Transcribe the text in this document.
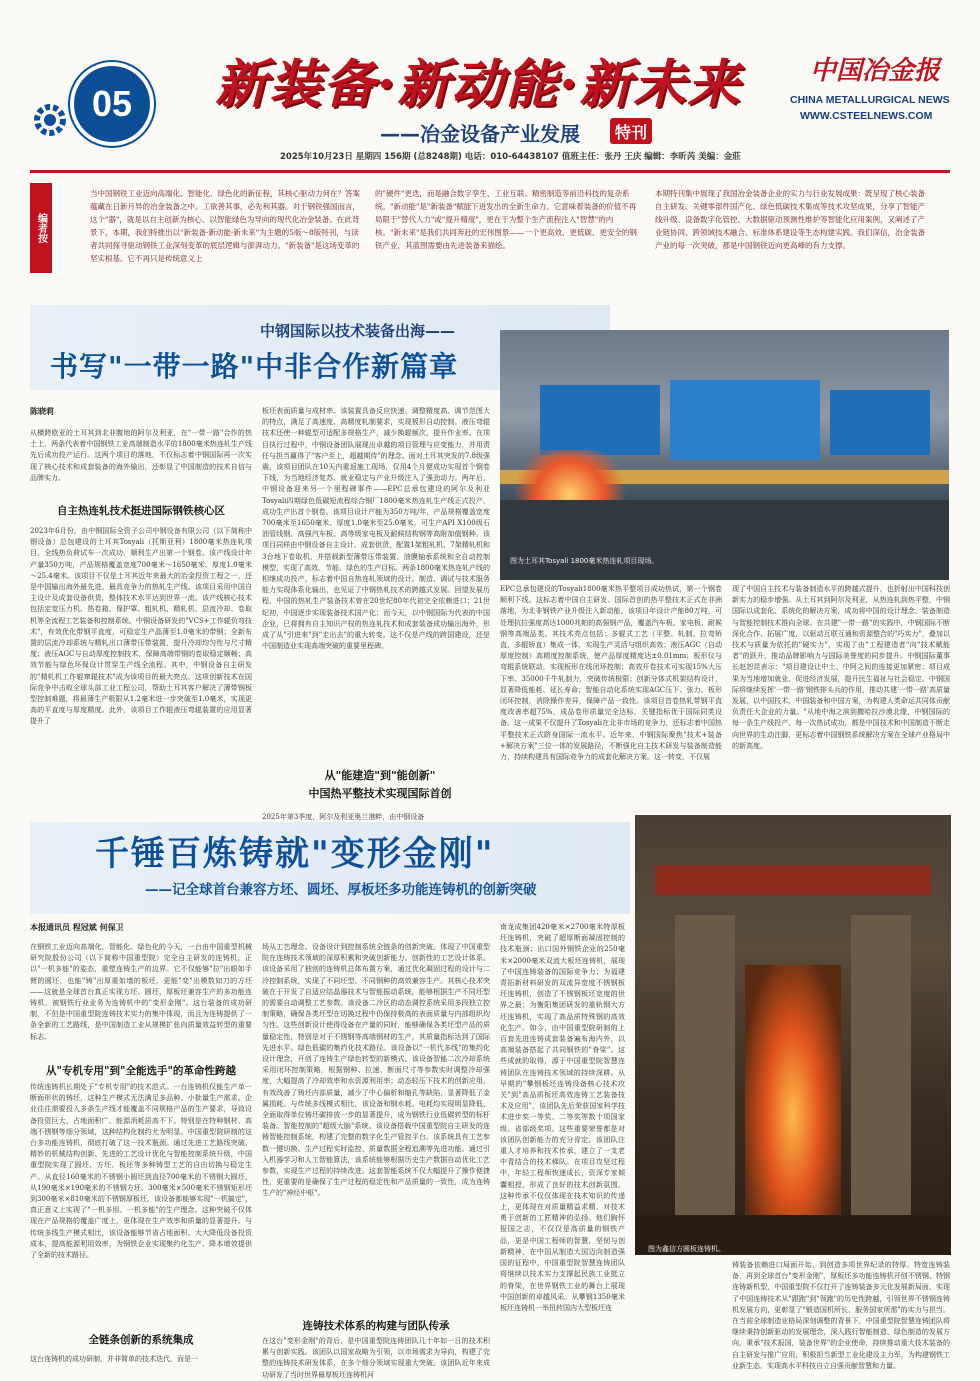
05	新装备·新动能·新未来
——冶金设备产业发展	特刊
中国冶金报
CHINA METALLURGICAL NEWS
WWW.CSTEELNEWS.COM
2025年10月23日 星期四 156期 (总8248期) 电话：010-64438107 值班主任：张丹 王庆 编辑：李昕芮 美编：金莊
编者按
当中国钢铁工业迈向高端化、智能化、绿色化的新征程，其核心驱动力何在？答案蕴藏在日新月异的冶金装备之中。工欲善其事，必先利其器。对于钢铁强国而言，这个"器"，就是以自主创新为核心、以智能绿色为导向的现代化冶金装备。在此背景下，本期，我们特推出以"新装备·新动能·新未来"为主题的5版～8版特刊，与读者共同探寻驱动钢铁工业深刻变革的底层逻辑与澎湃动力。"新装备"是这场变革的坚实根基。它不再只是传统意义上
的"硬件"更迭，而是融合数字孪生、工业互联、精密制造等前沿科技的复杂系统。"新动能"是"新装备"赋能下迸发出的全新生命力。它意味着装备的价值不再局限于"替代人力"或"提升精度"，更在于为整个生产流程注入"智慧"的内核。"新未来"是我们共同奔赴的宏伟图景——一个更高效、更低碳、更安全的钢铁产业，其蓝图需要由先进装备来描绘。
本期特刊集中展现了我国冶金装备企业的实力与行业发展成果：既呈现了核心装备自主研发、关键零部件国产化、绿色低碳技术集成等技术攻坚成果，分享了智能产线升级、设备数字化管控、大数据驱动预测性维护等智能化应用案例，又阐述了产业链协同、跨领域技术融合、标准体系建设等生态构建实践。我们深信，冶金装备产业的每一次突破，都是中国钢铁迈向更高峰的有力支撑。
中钢国际以技术装备出海——
书写"一带一路"中非合作新篇章
陈晓莉
从横跨欧亚的土耳其到北非腹地的阿尔及利亚，在"一带一路"合作的热土上，两条代表着中国钢铁工业高端制造水平的1800毫米热连轧生产线先后成功投产运行。这两个项目的落地，不仅标志着中钢国际再一次实现了核心技术和成套装备的海外输出，还彰显了中国制造的技术自信与品牌实力。
自主热连轧技术挺进国际钢铁核心区
2023年6月份，由中钢国际全资子公司中钢设备有限公司（以下简称中钢设备）总包建设的土耳其Tosyali（托斯亚利）1800毫米热连轧项目，全线热负荷试车一次成功，顺利生产出第一个钢卷。该产线设计年产量350万吨，产品规格覆盖宽度700毫米～1650毫米、厚度1.0毫米～25.4毫米。该项目不仅是土耳其近年来最大的冶金投资工程之一，还是中国输出海外最先进、最具竞争力的热轧生产线。该项目采用中国自主设计及成套设备供货，整体技术水平达到世界一流。该产线核心技术包括定宽压力机、热卷箱、保护罩、粗轧机、精轧机、层流冷却、卷取机等全流程工艺装备和控制系统。中钢设备研发的"VCS+工作辊负弯技术"，有效优化带钢平直度，可稳定生产晶薄至1.0毫米的带钢；全新布置的层流冷却系统与精轧出口薄带压带装置，提升冷却均匀性与尺寸精度；液压AGC与自动厚度控制技术，保障高端带钢的卷取稳定顺畅；高效节能与绿色环保设计贯穿生产线全流程。其中，中钢设备自主研发的"精轧机工作辊窜辊技术"成为该项目的最大亮点。这项创新技术在国际竞争中击败全球头部工业工程公司，帮助土耳其客户解决了薄带钢板型控制难题，将最薄生产极限从1.2毫米进一步突破至1.0毫米，实现更高的平直度与厚度精度。此外，该项目工作辊液压弯辊装置的应用显著提升了
板坯表面质量与成材率。该装置具备反应快速、调整精度高、调节范围大的特点，满足了高速度、高精度轧制要求，实现板形自动控制。液压弯辊技术还使一种辊型可适配多规格生产，减少换辊频次，提升作业率。在项目执行过程中，中钢设备团队展现出卓越的项目管理与应变能力，并用责任与担当赢得了"客户至上，超越期待"的理念。面对土耳其突发的7.8级强震，该项目团队在10天内重返施工现场，仅用4个月便成功实现首个钢卷下线，为当地经济复苏、就业稳定与产业升级注入了强劲动力。两年后，中钢设备迎来另一个里程碑事件——EPC总承包建设的阿尔及利亚Tosyali四期绿色低碳短流程综合钢厂1800毫米热连轧生产线正式投产，成功生产出首个钢卷。该项目设计产能为350万吨/年，产品规格覆盖宽度700毫米至1650毫米、厚度1.0毫米至25.0毫米，可生产API X100级石油管线钢、高强汽车板、高等级家电板及耐候结构钢等高附加值钢种。该项目同样由中钢设备自主设计、成套供货，配置1架粗轧机、7架精轧机和3台地下卷取机，并搭载新型薄带压带装置、油膜轴承系统和全自动控制模型，实现了高效、节能、绿色的生产目标。两条1800毫米热连轧产线的相继成功投产，标志着中国自热连轧领域的设计、制造、调试与技术服务能力实现体系化输出，也见证了中钢热轧技术的跨越式发展。回望发展历程，中国的热轧生产装备技术曾在20世纪80年代初完全依赖进口；21世纪初，中国逐步实现装备技术国产化；而今天，以中钢国际为代表的中国企业，已将拥有自主知识产权的热连轧技术和成套装备成功输出海外，形成了从"引进来"到"走出去"的重大转变。这不仅是产线的跨国建设，还是中国制造业实现高端突破的重要里程碑。
从"能建造"到"能创新"
中国热平整技术实现国际首创
2025年第3季度，阿尔及利亚奥兰港畔，由中钢设备
图为土耳其Tosyali 1800毫米热连轧项目现场。
EPC总承包建设的Tosyali1800毫米热平整项目成功热试，第一个钢卷顺利下线。这标志着中国自主研发、国际首创的热平整技术正式在非洲落地，为北非钢铁产业升级注入新动能。该项目年设计产能80万吨，可处理抗拉强度高达1000兆帕的高强钢产品，覆盖汽车板、家电板、耐候钢等高端品类。其技术亮点包括：多辊式工艺（平整、轧制、拉弯矫直、多辊矫直）集成一体，实现生产灵活与组织高效；液压AGC（自动厚度控制）高精度控制系统，使产品厚度精度达±0.01mm；板形仪与弯辊系统联动，实现板形在线闭环控制；高效开卷技术可实现15%大压下率、35000千牛轧制力，突破传统极限；创新分体式机架结构设计，显著降低能耗、延长寿命；智能自动化系统实现AGC压下、张力、板形闭环控制，消除操作差异，保障产品一致性。该项目首卷热轧带钢平直度改善率超75%，成品卷形质量完全达标，关键指标优于国际同类设备。这一成果不仅提升了Tosyali在北非市场的竞争力，还标志着中国热平整技术正式跻身国际一流水平。近年来，中钢国际聚焦"技术+装备+解决方案"三位一体的发展路径，不断强化自主技术研发与装备制造能力，持续构建具有国际竞争力的成套化解决方案。这一转变，不仅展
现了中国自主技术与装备制造水平的跨越式提升，也折射出中国科技创新实力的稳步增强。从土耳其到阿尔及利亚，从热连轧到热平整，中钢国际以成套化、系统化的解决方案，成功将中国的设计理念、装备制造与智能控制技术推向全球。在共建"一带一路"的实践中，中钢国际不断深化合作、拓展广度，以驱动互联互通和资源整合的"巧实力"，叠加以技术与质量为依托的"硬实力"，实现了由"工程建造者"向"技术赋能者"的跃升，推动品牌影响力与国际美誉度的同步提升。中钢国际董事长赵恕昆表示："项目建设让中土、中阿之间的连接更加紧密；项目成果为当地增加就业、促进经济发展，提升民生福祉与社会稳定。中钢国际将继续发挥'一带一路'钢铁排头兵的作用，推动共建'一带一路'高质量发展，以中国技术、中国装备和中国方案，为构建人类命运共同体贡献负责任大企业的力量。"从地中海之滨到撒哈拉沙漠北缘，中钢国际的每一条生产线投产、每一次热试成功，都是中国技术和中国制造不断走向世界的生动注脚，更标志着中国钢铁系统解决方案在全球产业格局中的新高度。
千锤百炼铸就"变形金刚"
——记全球首台兼容方坯、圆坯、厚板坯多功能连铸机的创新突破
本报通讯员 程冠斌 何保卫
在钢铁工业迈向高端化、智能化、绿色化的今天，一台由中国重型机械研究院股份公司（以下简称中国重型院）完全自主研发的连铸机，正以"一机多能"的姿态，重塑连铸生产的边界。它不仅能够"拉"出眼如手臂的圆坯，也能"铸"出厚重如墙的板坯，更能"变"出模数如刀的方坯——这就是全球首台真正实现方坯、圆坯、厚板坯兼容生产的多功能连铸机，被钢铁行业业务为连铸机中的"变形金刚"。这台装备的成功研制，不但是中国重型院连铸技术实力的集中体现，而且为连铸提供了一条全新的工艺路线，是中国制造工业从规模扩张向质量效益转型的重要标志。
从"专机专用"到"全能选手"的革命性跨越
传统连铸机长期处于"专机专用"的技术范式。一台连铸机仅能生产单一断面形状的铸坯，这种生产模式无法满足多品种、小批量生产需求。企业往往需要投入多条生产线才能覆盖不同规格产品的生产要求，导致设备投资巨大、占地面积广、能源消耗居高不下。特别是在特种钢材、高端不锈钢等细分领域，这种结构化制约尤为明显。中国重型院研制的这台多功能连铸机，彻底打破了这一技术瓶颈。通过先进工艺路线突破、精妙的机械结构创新、先进的工艺设计优化与智能控制系统升级，中国重型院实现了圆坯、方坯、板坯等多种铸型工艺的自由切换与稳定生产。从直径160毫米的不锈钢小圆坯到直径700毫米的不锈钢大圆坯，从190毫米×190毫米的不锈钢方坯、300毫米×500毫米不锈钢矩形坯到300毫米×810毫米的不锈钢厚板坯，该设备都能够实现"一机搞定"，真正意义上实现了"一机多用、一机多能"的生产理念。这种突破不仅体现在产品规格的覆盖广度上，更体现在生产效率和质量的显著提升。与传统多线生产模式相比，该设备能够节省占地面积、大大降低设备投资成本，提高能源利用效率，为钢铁企业实现集约化生产、降本增效提供了全新的技术路径。
全链条创新的系统集成
这台连铸机的成功研制，并非简单的技术迭代，而是一
场从工艺理念、设备设计到控制系统全链条的创新突破。体现了中国重型院在连铸技术领域的深厚积累和突破创新能力。创新性的工艺设计体系。该设备采用了独创的连铸机总体布置方案，通过优化凝固过程的设计与二冷控制系统，实现了不同坯型、不同钢种的高效兼容生产。其核心技术突破在于开发了自适应结晶器技术与智能振动系统，能够根据生产不同坯型的需要自动调整工艺参数。该设备二冷区的动态调控系统采用多段独立控制策略，确保各类坯型在切换过程中仍保持极高的表面质量与内部组织均匀性。这些创新设计使得设备在产量的同时，能够确保各类坯型产品的质量稳定性，特别是对于不锈钢等高端钢材的生产，其质量指标达到了国际先进水平。绿色低碳的集约化技术路径。该设备以"一机代多线"的集约化设计理念，开创了连铸生产绿色转型的新模式。该设备智能二次冷却系统采用闭环控制策略，根据钢种、拉速、断面尺寸等参数实时调整冷却强度，大幅提高了冷却效率和水资源利用率；动态轻压下技术的创新应用，有效改善了铸坯内部质量，减少了中心偏析和缩孔等缺陷，显著降低了金属损耗。与传统多线模式相比，该设备和钢水耗、电耗均实现明显降低，全面取得单位铸坯碳排放一步的显著提升，成为钢铁行业低碳转型的标杆装备。智能控制的"超级大脑"系统。该设备搭载中国重型院自主研发的连铸智能控制系统，构建了完整的数字化生产管控平台。该系统具有工艺参数一键切换、生产过程实时监控、质量数据全程追溯等先进功能。通过引入机器学习和人工智能算法，该系统能够根据历史生产数据自动优化工艺参数，实现生产过程的持续改进。这套智能系统不仅大幅提升了操作便捷性，更重要的是确保了生产过程的稳定性和产品质量的一致性，成为连铸生产的"神经中枢"。
连铸技术体系的构建与团队传承
在这台"变形金刚"的背后，是中国重型院连铸团队几十年如一日的技术积累与创新实践。该团队以国家战略为引领，以市场需求为导向，构建了完整的连铸技术研发体系，在多个细分领域实现重大突破。该团队近年来成功研发了当时世界最厚板坯连铸机河
南龙成集团420毫米×2700毫米特厚板坯连铸机，突破了超厚断面凝固控制的技术瓶颈；出口国外钢铁企业的250毫米×2000毫米双流大板坯连铸机，展现了中国连铸装备的国际竞争力；为福建青拓新材料研发的双流异宽度不锈钢板坯连铸机，创造了不锈钢板坯宽度的世界之最；为衡阳集团研发的重轨钢大方坯连铸机，实现了高品质特殊钢的高效化生产。如今，由中国重型院研制的上百套先进连铸成套装备遍布海内外，以高端装备搭起了共同钢铁的"脊梁"。这些成就的取得，源于中国重型院智慧连铸团队在连铸技术领域的持续深耕。从早期的"攀钢板坯连铸设备核心技术攻关"到"高品质板坯高效连铸工艺装备技术及应用"，该团队先后荣获国家科学技术进步奖一等奖、二等奖等数十项国家级、省部级奖项。这些重要荣誉都是对该团队创新能力的充分肯定。该团队注重人才培养和技术传承，建立了一支老中青结合的技术梯队。在项目攻坚过程中，年轻工程师快速成长，资深专家倾囊相授，形成了良好的技术创新氛围。这种传承不仅仅体现在技术知识的传递上，更体现在对质量精益求精、对技术勇于创新的工匠精神的弘扬。他们胸怀报国之志，不仅仅是高质量的钢铁产品，更是中国工程师的智慧、坚韧与创新精神，在中国从制造大国迈向制造强国的征程中，中国重型院智慧连铸团队将继续以技术实力支撑起民族工业挺立的脊梁，在世界钢铁工业的舞台上展现中国创新的卓越风采。从攀钢1350毫米板坯连铸机一举扭转国内大型板坯连
图为鑫信方圆板连铸机。
铸装备依赖进口局面开始，到创造多项世界纪录的特厚、特宽连铸装备，再到全球首台"变形金刚"，厚板坯多功能连铸机开创不锈钢、特钢连铸新机型，中国重型院不仅打开了连铸装备多元化发展新局面，实现了中国连铸技术从"跟跑"到"领跑"的历史性跨越，引领世界不锈钢连铸机发展方向，更彰显了"锻造国机所长、服务国家所需"的实力与担当。在当前全球制造业格局深刻调整的背景下，中国重型院智慧连铸团队将继续秉持创新驱动的发展理念，深入践行智能制造、绿色制造的发展方向，秉承"技术报国，装备世界"的企业使命，持续推动重大技术装备的自主研发与推广应用，积极担当新型工业化建设主力军，为构建钢铁工业新生态、实现高水平科技自立自强贡献智慧和力量。
